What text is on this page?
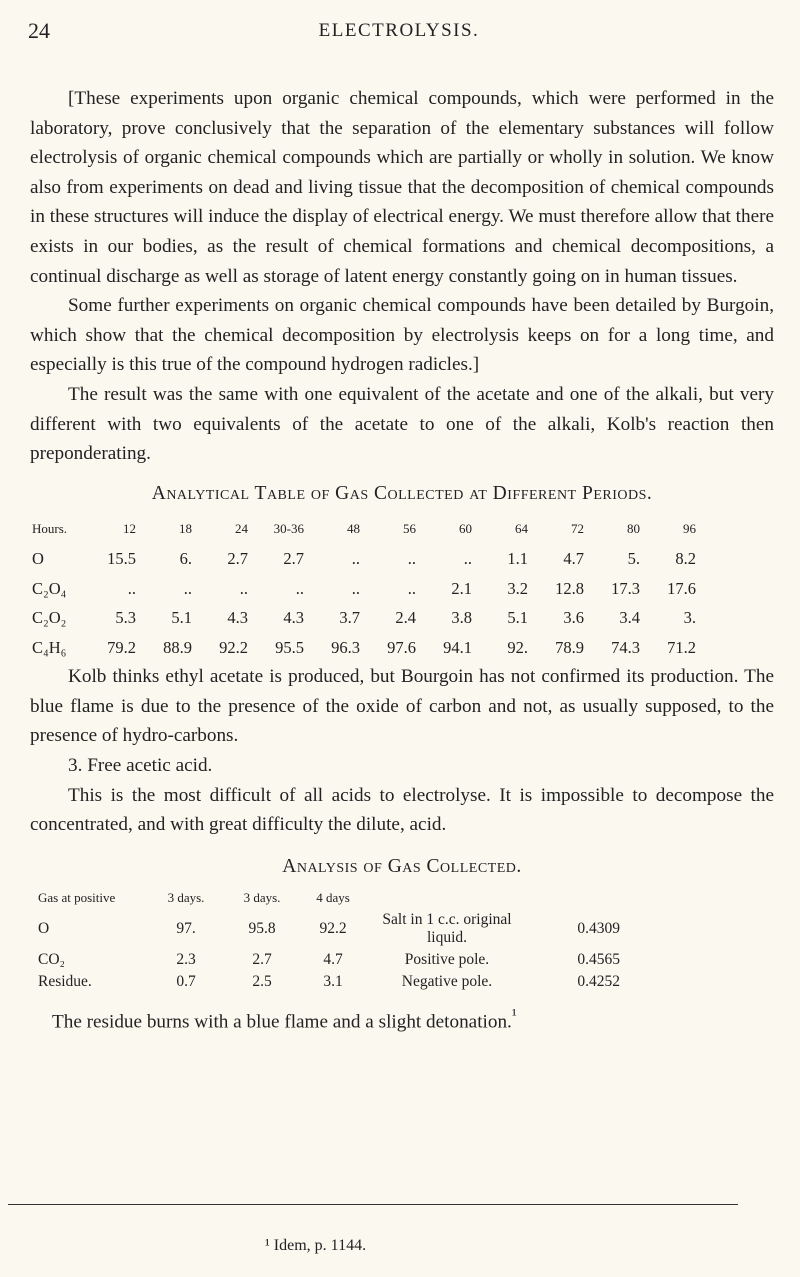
24	ELECTROLYSIS.

[These experiments upon organic chemical compounds, which were performed in the laboratory, prove conclusively that the separation of the elementary substances will follow electrolysis of organic chemical compounds which are partially or wholly in solution. We know also from experiments on dead and living tissue that the decomposition of chemical compounds in these structures will induce the display of electrical energy. We must therefore allow that there exists in our bodies, as the result of chemical formations and chemical decompositions, a continual discharge as well as storage of latent energy constantly going on in human tissues.

Some further experiments on organic chemical compounds have been detailed by Burgoin, which show that the chemical decomposition by electrolysis keeps on for a long time, and especially is this true of the compound hydrogen radicles.]

The result was the same with one equivalent of the acetate and one of the alkali, but very different with two equivalents of the acetate to one of the alkali, Kolb's reaction then preponderating.

Analytical Table of Gas Collected at Different Periods.
Hours.	12	18	24	30-36	48	56	60	64	72	80	96
O	15.5	6.	2.7	2.7	..	..	..	1.1	4.7	5.	8.2
C₂O₄	..	..	..	..	..	..	2.1	3.2	12.8	17.3	17.6
C₂O₂	5.3	5.1	4.3	4.3	3.7	2.4	3.8	5.1	3.6	3.4	3.
C₄H₆	79.2	88.9	92.2	95.5	96.3	97.6	94.1	92.	78.9	74.3	71.2

Kolb thinks ethyl acetate is produced, but Bourgoin has not confirmed its production. The blue flame is due to the presence of the oxide of carbon and not, as usually supposed, to the presence of hydro-carbons.

3. Free acetic acid.

This is the most difficult of all acids to electrolyse. It is impossible to decompose the concentrated, and with great difficulty the dilute, acid.

Analysis of Gas Collected.
Gas at positive	3 days.	3 days.	4 days		
O	97.	95.8	92.2	Salt in 1 c.c. original liquid.	0.4309
CO₂	2.3	2.7	4.7	Positive pole.	0.4565
Residue.	0.7	2.5	3.1	Negative pole.	0.4252

The residue burns with a blue flame and a slight detonation.$^{^1}$

¹ Idem, p. 1144.
